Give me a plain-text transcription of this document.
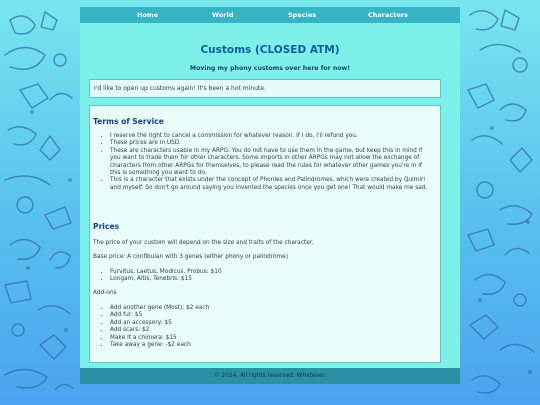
Home	World	Species	Characters
Customs (CLOSED ATM)
Moving my phony customs over here for now!
I'd like to open up customs again! It's been a hot minute.
Terms of Service
• I reserve the right to cancel a commission for whatever reason. If I do, I'll refund you.
• These prices are in USD.
• These are characters usable in my ARPG. You do not have to use them in the game, but keep this in mind if you want to trade them for other characters. Some imports in other ARPGs may not allow the exchange of characters from other ARPGs for themselves, to please read the rules for whatever other games you're in if this is something you want to do.
• This is a character that exists under the concept of Phonies and Palindromes, which were created by Quimiri and myself. So don't go around saying you invented the species once you get one! That would make me sad.
Prices
The price of your custom will depend on the size and traits of the character.
Base price: A confibulan with 3 genes (either phony or palindrome)
• Furvitus, Laetus, Modicus, Probus: $10
• Longam, Altis, Tenebris: $15
Add-ons
• Add another gene (Most): $2 each
• Add fur: $5
• Add an accessory: $5
• Add scars: $2
• Make it a chimera: $15
• Take away a gene: -$2 each
© 2024. All rights reserved. Whatever.
